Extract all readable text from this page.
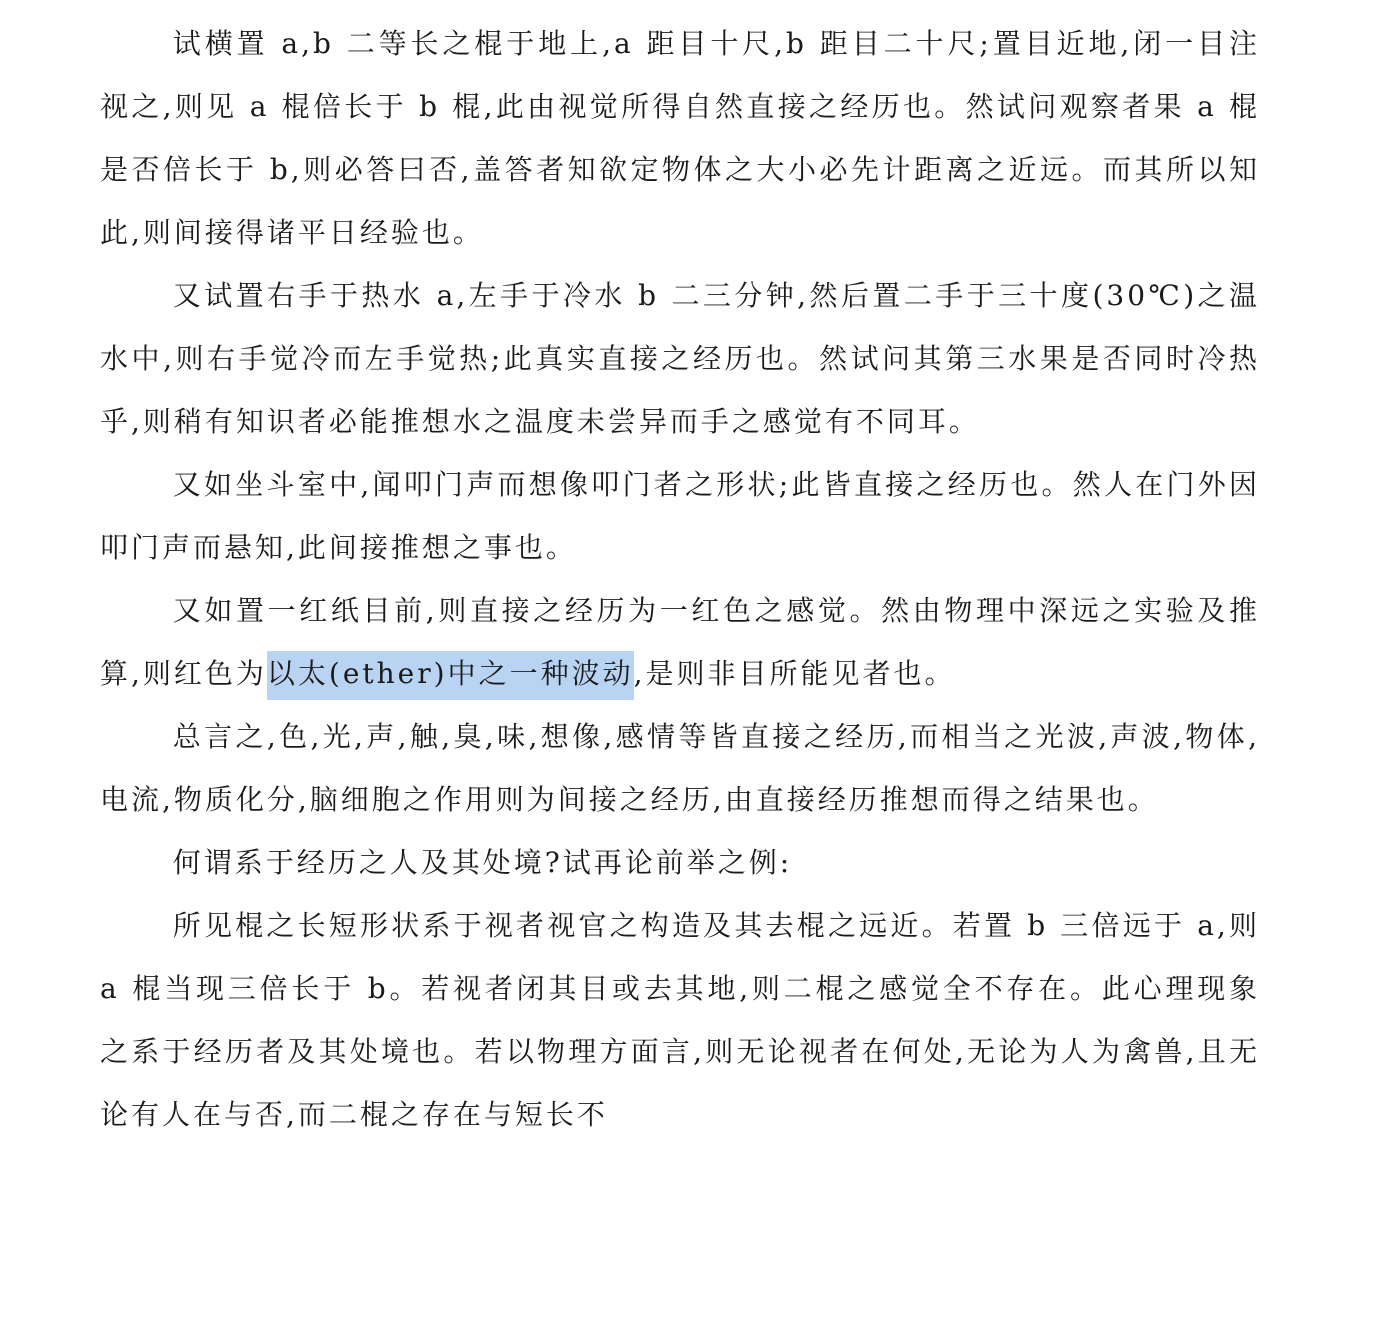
试横置 a,b 二等长之棍于地上,a 距目十尺,b 距目二十尺;置目近地,闭一目注视之,则见 a 棍倍长于 b 棍,此由视觉所得自然直接之经历也。然试问观察者果 a 棍是否倍长于 b,则必答曰否,盖答者知欲定物体之大小必先计距离之近远。而其所以知此,则间接得诸平日经验也。

又试置右手于热水 a,左手于冷水 b 二三分钟,然后置二手于三十度(30℃)之温水中,则右手觉冷而左手觉热;此真实直接之经历也。然试问其第三水果是否同时冷热乎,则稍有知识者必能推想水之温度未尝异而手之感觉有不同耳。

又如坐斗室中,闻叩门声而想像叩门者之形状;此皆直接之经历也。然人在门外因叩门声而悬知,此间接推想之事也。

又如置一红纸目前,则直接之经历为一红色之感觉。然由物理中深远之实验及推算,则红色为以太(ether)中之一种波动,是则非目所能见者也。

总言之,色,光,声,触,臭,味,想像,感情等皆直接之经历,而相当之光波,声波,物体,电流,物质化分,脑细胞之作用则为间接之经历,由直接经历推想而得之结果也。

何谓系于经历之人及其处境?试再论前举之例:

所见棍之长短形状系于视者视官之构造及其去棍之远近。若置 b 三倍远于 a,则 a 棍当现三倍长于 b。若视者闭其目或去其地,则二棍之感觉全不存在。此心理现象之系于经历者及其处境也。若以物理方面言,则无论视者在何处,无论为人为禽兽,且无论有人在与否,而二棍之存在与短长不
